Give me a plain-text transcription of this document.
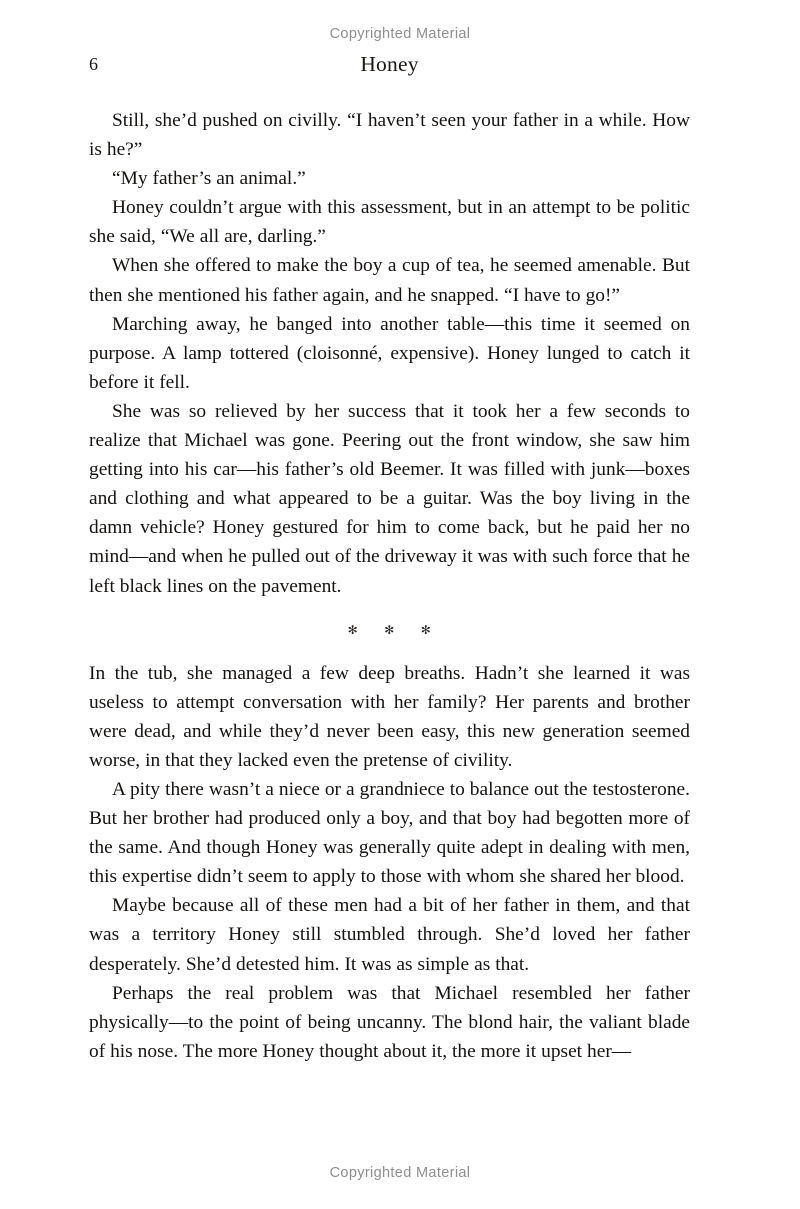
Copyrighted Material
6	Honey

Still, she’d pushed on civilly. “I haven’t seen your father in a while. How is he?”

“My father’s an animal.”

Honey couldn’t argue with this assessment, but in an attempt to be politic she said, “We all are, darling.”

When she offered to make the boy a cup of tea, he seemed amenable. But then she mentioned his father again, and he snapped. “I have to go!”

Marching away, he banged into another table—this time it seemed on purpose. A lamp tottered (cloisonné, expensive). Honey lunged to catch it before it fell.

She was so relieved by her success that it took her a few seconds to realize that Michael was gone. Peering out the front window, she saw him getting into his car—his father’s old Beemer. It was filled with junk—boxes and clothing and what appeared to be a guitar. Was the boy living in the damn vehicle? Honey gestured for him to come back, but he paid her no mind—and when he pulled out of the driveway it was with such force that he left black lines on the pavement.

✻ ✻ ✻

In the tub, she managed a few deep breaths. Hadn’t she learned it was useless to attempt conversation with her family? Her parents and brother were dead, and while they’d never been easy, this new generation seemed worse, in that they lacked even the pretense of civility.

A pity there wasn’t a niece or a grandniece to balance out the testosterone. But her brother had produced only a boy, and that boy had begotten more of the same. And though Honey was generally quite adept in dealing with men, this expertise didn’t seem to apply to those with whom she shared her blood.

Maybe because all of these men had a bit of her father in them, and that was a territory Honey still stumbled through. She’d loved her father desperately. She’d detested him. It was as simple as that.

Perhaps the real problem was that Michael resembled her father physically—to the point of being uncanny. The blond hair, the valiant blade of his nose. The more Honey thought about it, the more it upset her—

Copyrighted Material
